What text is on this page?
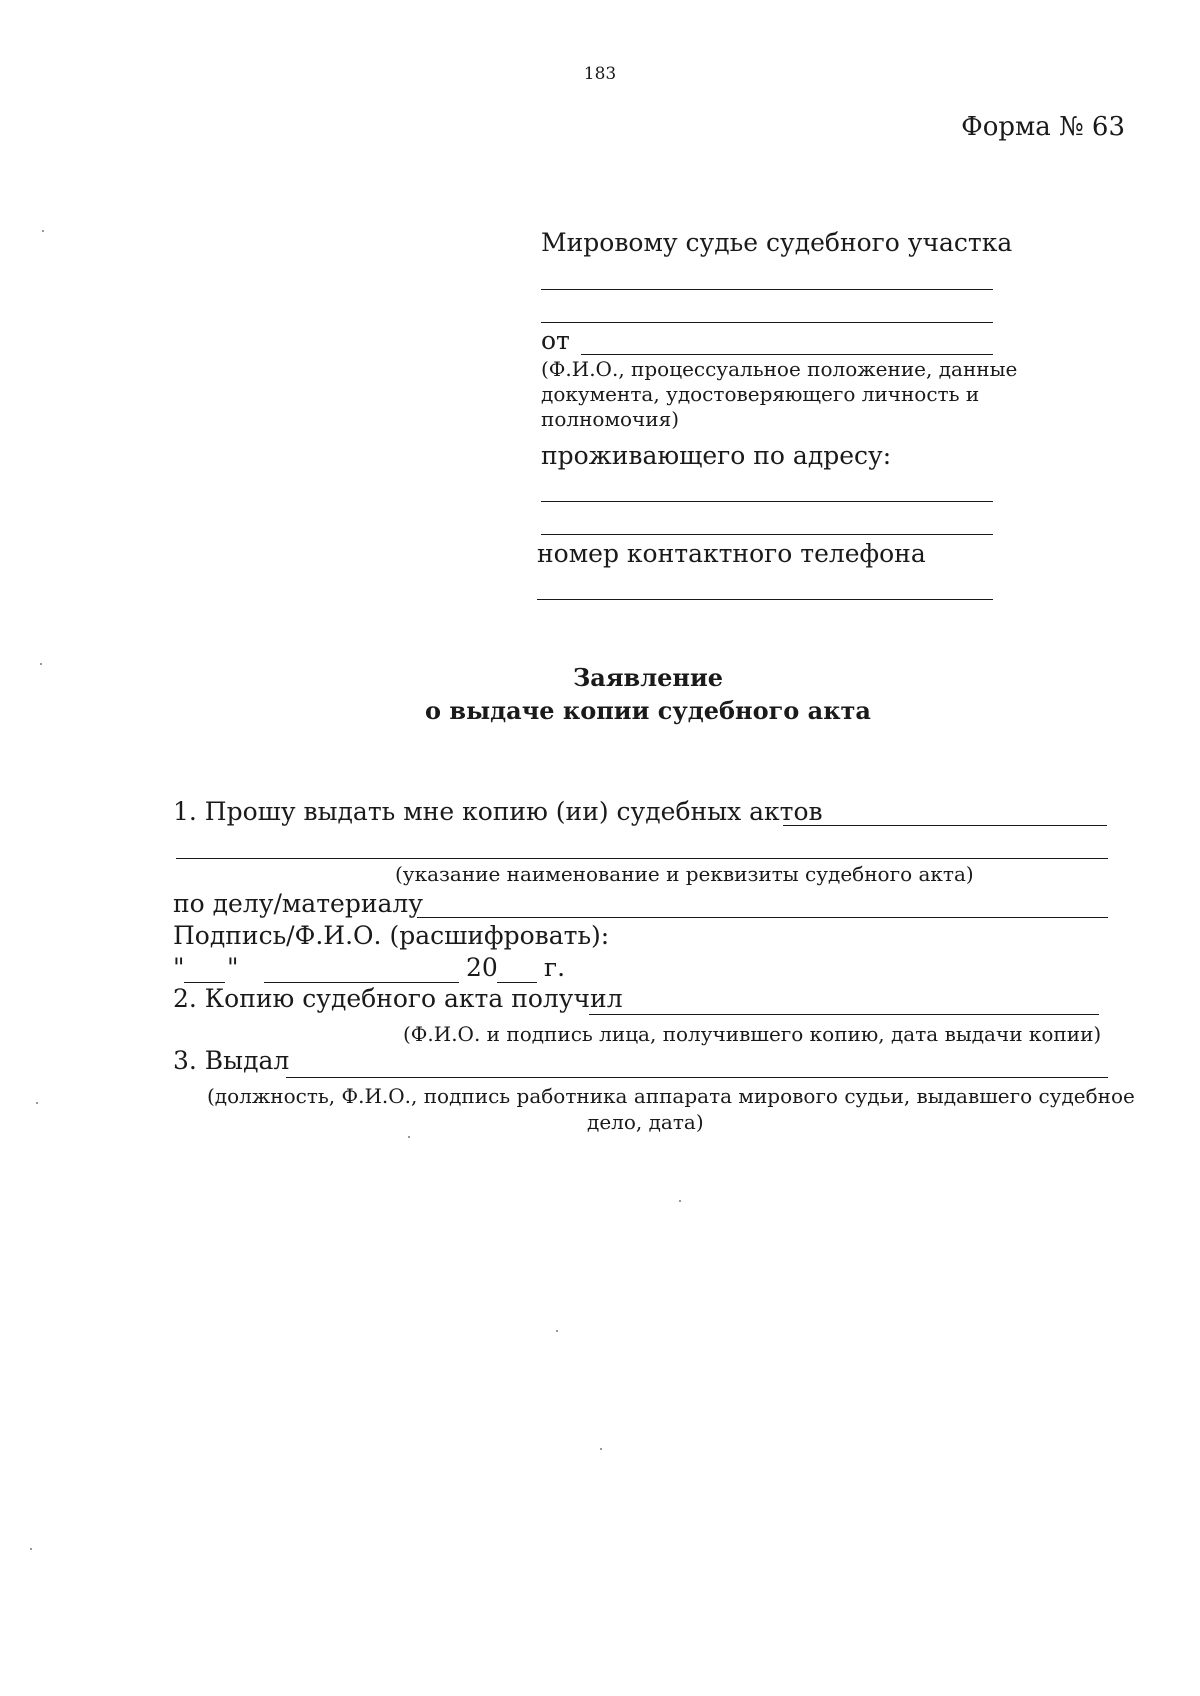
183
Форма № 63
Мировому судье судебного участка
от
(Ф.И.О., процессуальное положение, данные документа, удостоверяющего личность и полномочия)
проживающего по адресу:
номер контактного телефона
Заявление
о выдаче копии судебного акта
1. Прошу выдать мне копию (ии) судебных актов
(указание наименование и реквизиты судебного акта)
по делу/материалу
Подпись/Ф.И.О. (расшифровать):
" "	20 г.
2. Копию судебного акта получил
(Ф.И.О. и подпись лица, получившего копию, дата выдачи копии)
3. Выдал
(должность, Ф.И.О., подпись работника аппарата мирового судьи, выдавшего судебное
дело, дата)
